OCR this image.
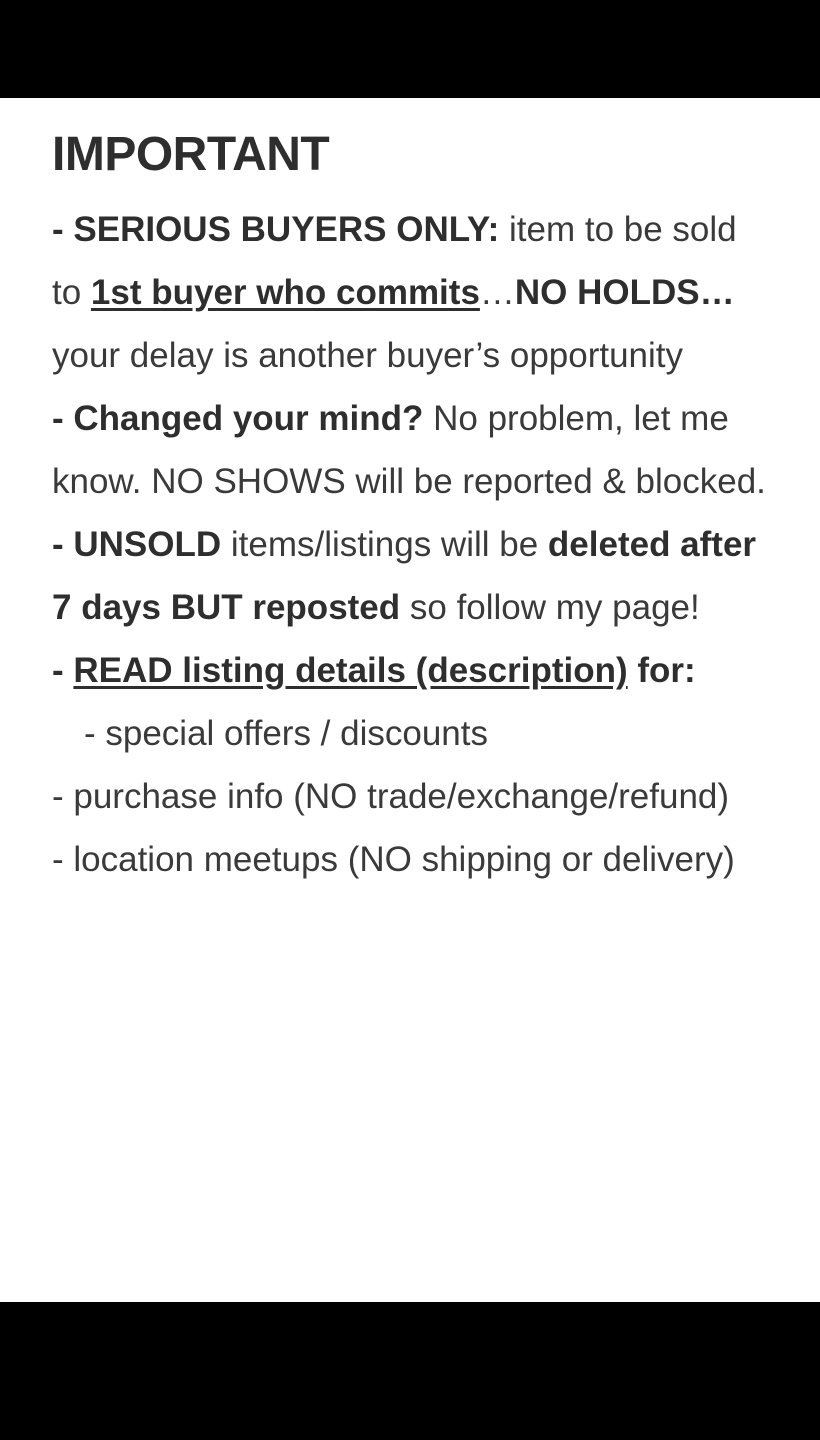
IMPORTANT

- SERIOUS BUYERS ONLY: item to be sold to 1st buyer who commits…NO HOLDS…your delay is another buyer’s opportunity

- Changed your mind? No problem, let me know. NO SHOWS will be reported & blocked.

- UNSOLD items/listings will be deleted after 7 days BUT reposted so follow my page!

- READ listing details (description) for:

- special offers / discounts

- purchase info (NO trade/exchange/refund)

- location meetups (NO shipping or delivery)
